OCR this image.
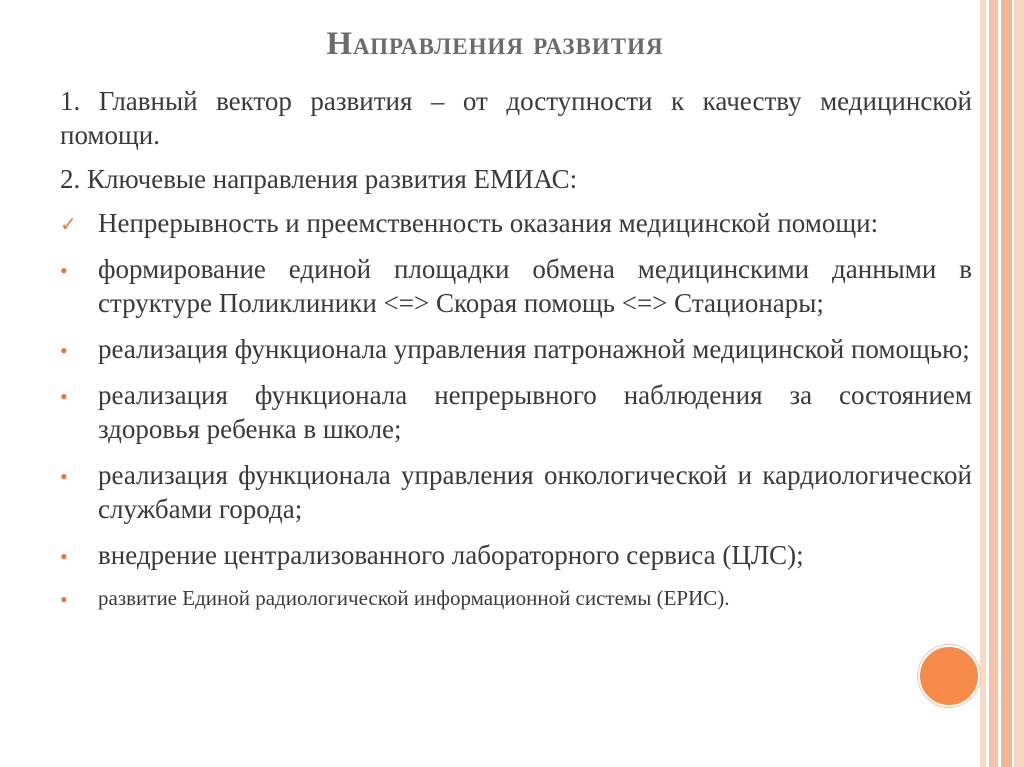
Направления развития

1. Главный вектор развития – от доступности к качеству медицинской помощи.

2. Ключевые направления развития ЕМИАС:

✓ Непрерывность и преемственность оказания медицинской помощи:
• формирование единой площадки обмена медицинскими данными в структуре Поликлиники <=> Скорая помощь <=> Стационары;
• реализация функционала управления патронажной медицинской помощью;
• реализация функционала непрерывного наблюдения за состоянием здоровья ребенка в школе;
• реализация функционала управления онкологической и кардиологической службами города;
• внедрение централизованного лабораторного сервиса (ЦЛС);
• развитие Единой радиологической информационной системы (ЕРИС).
